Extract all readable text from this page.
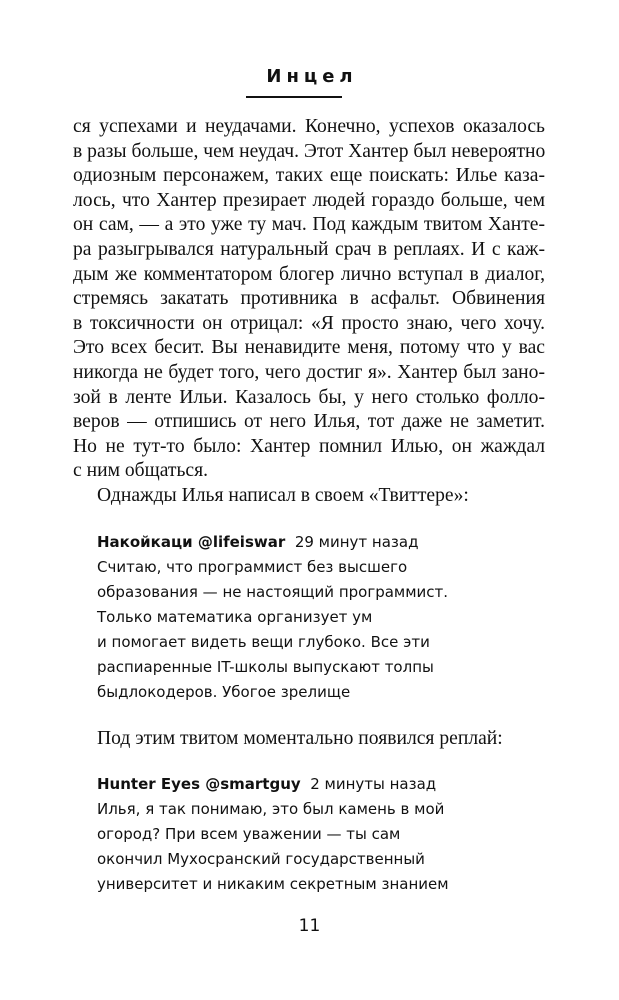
Инцел
ся успехами и неудачами. Конечно, успехов оказалось
в разы больше, чем неудач. Этот Хантер был невероятно
одиозным персонажем, таких еще поискать: Илье каза-
лось, что Хантер презирает людей гораздо больше, чем
он сам, — а это уже ту мач. Под каждым твитом Ханте-
ра разыгрывался натуральный срач в реплаях. И с каж-
дым же комментатором блогер лично вступал в диалог,
стремясь закатать противника в асфальт. Обвинения
в токсичности он отрицал: «Я просто знаю, чего хочу.
Это всех бесит. Вы ненавидите меня, потому что у вас
никогда не будет того, чего достиг я». Хантер был зано-
зой в ленте Ильи. Казалось бы, у него столько фолло-
веров — отпишись от него Илья, тот даже не заметит.
Но не тут-то было: Хантер помнил Илью, он жаждал
с ним общаться.
Однажды Илья написал в своем «Твиттере»:
Накойкаци @lifeiswar 29 минут назад
Считаю, что программист без высшего
образования — не настоящий программист.
Только математика организует ум
и помогает видеть вещи глубоко. Все эти
распиаренные IT-школы выпускают толпы
быдлокодеров. Убогое зрелище
Под этим твитом моментально появился реплай:
Hunter Eyes @smartguy 2 минуты назад
Илья, я так понимаю, это был камень в мой
огород? При всем уважении — ты сам
окончил Мухосранский государственный
университет и никаким секретным знанием
11
